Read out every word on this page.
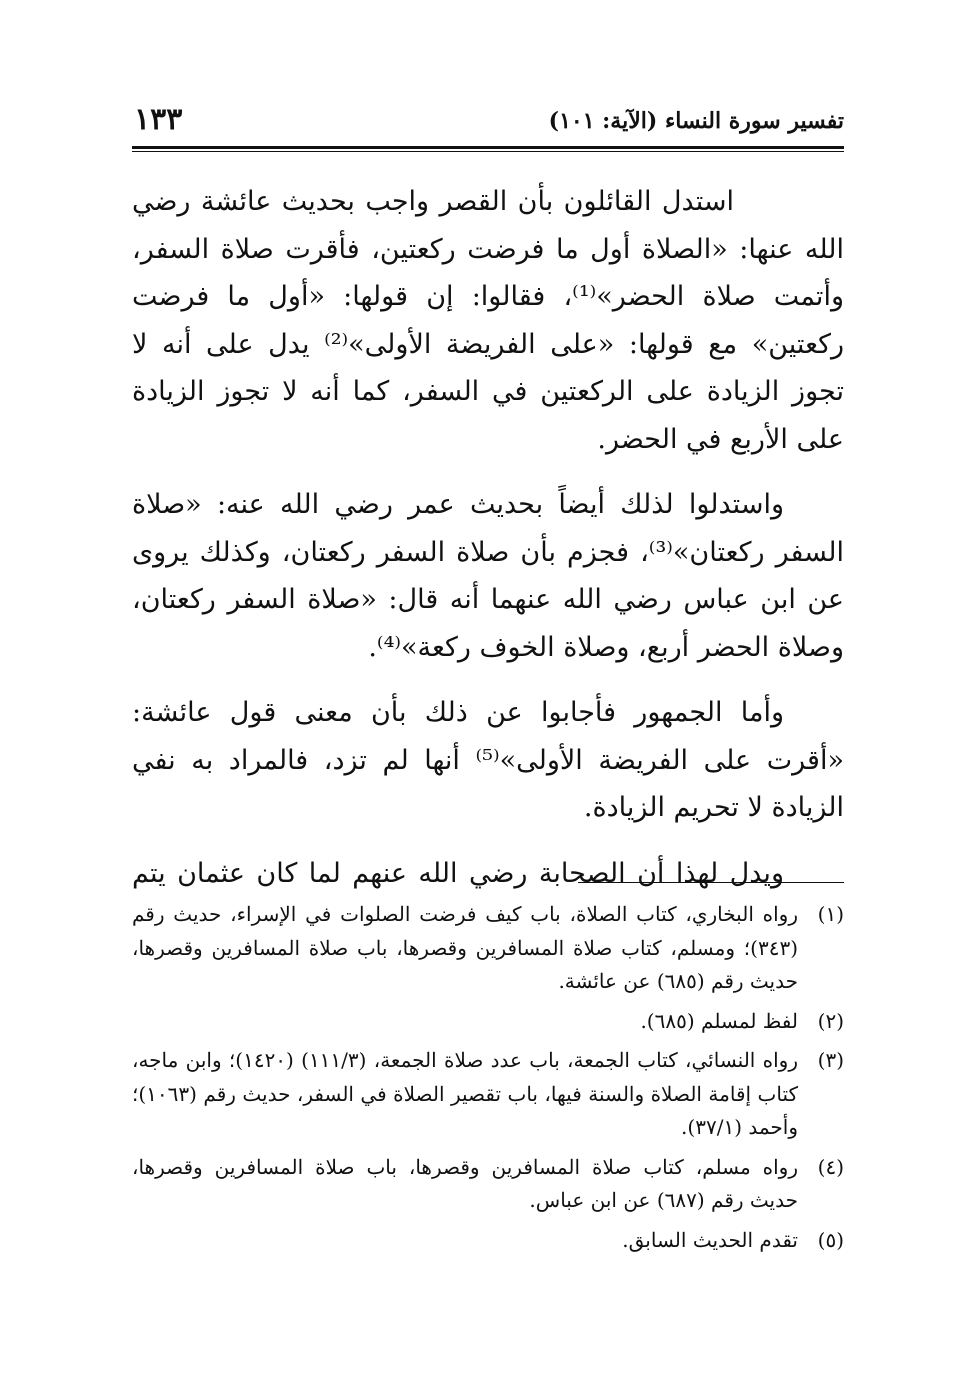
تفسير سورة النساء (الآية: ١٠١)
١٣٣

استدل القائلون بأن القصر واجب بحديث عائشة رضي الله عنها: «الصلاة أول ما فرضت ركعتين، فأقرت صلاة السفر، وأتمت صلاة الحضر»⁽¹⁾، فقالوا: إن قولها: «أول ما فرضت ركعتين» مع قولها: «على الفريضة الأولى»⁽²⁾ يدل على أنه لا تجوز الزيادة على الركعتين في السفر، كما أنه لا تجوز الزيادة على الأربع في الحضر.

واستدلوا لذلك أيضاً بحديث عمر رضي الله عنه: «صلاة السفر ركعتان»⁽³⁾، فجزم بأن صلاة السفر ركعتان، وكذلك يروى عن ابن عباس رضي الله عنهما أنه قال: «صلاة السفر ركعتان، وصلاة الحضر أربع، وصلاة الخوف ركعة»⁽⁴⁾.

وأما الجمهور فأجابوا عن ذلك بأن معنى قول عائشة: «أقرت على الفريضة الأولى»⁽⁵⁾ أنها لم تزد، فالمراد به نفي الزيادة لا تحريم الزيادة.

ويدل لهذا أن الصحابة رضي الله عنهم لما كان عثمان يتم

(١)
رواه البخاري، كتاب الصلاة، باب كيف فرضت الصلوات في الإسراء، حديث رقم (٣٤٣)؛ ومسلم، كتاب صلاة المسافرين وقصرها، باب صلاة المسافرين وقصرها، حديث رقم (٦٨٥) عن عائشة.
(٢)
لفظ لمسلم (٦٨٥).
(٣)
رواه النسائي، كتاب الجمعة، باب عدد صلاة الجمعة، (١١١/٣) (١٤٢٠)؛ وابن ماجه، كتاب إقامة الصلاة والسنة فيها، باب تقصير الصلاة في السفر، حديث رقم (١٠٦٣)؛ وأحمد (٣٧/١).
(٤)
رواه مسلم، كتاب صلاة المسافرين وقصرها، باب صلاة المسافرين وقصرها، حديث رقم (٦٨٧) عن ابن عباس.
(٥)
تقدم الحديث السابق.
